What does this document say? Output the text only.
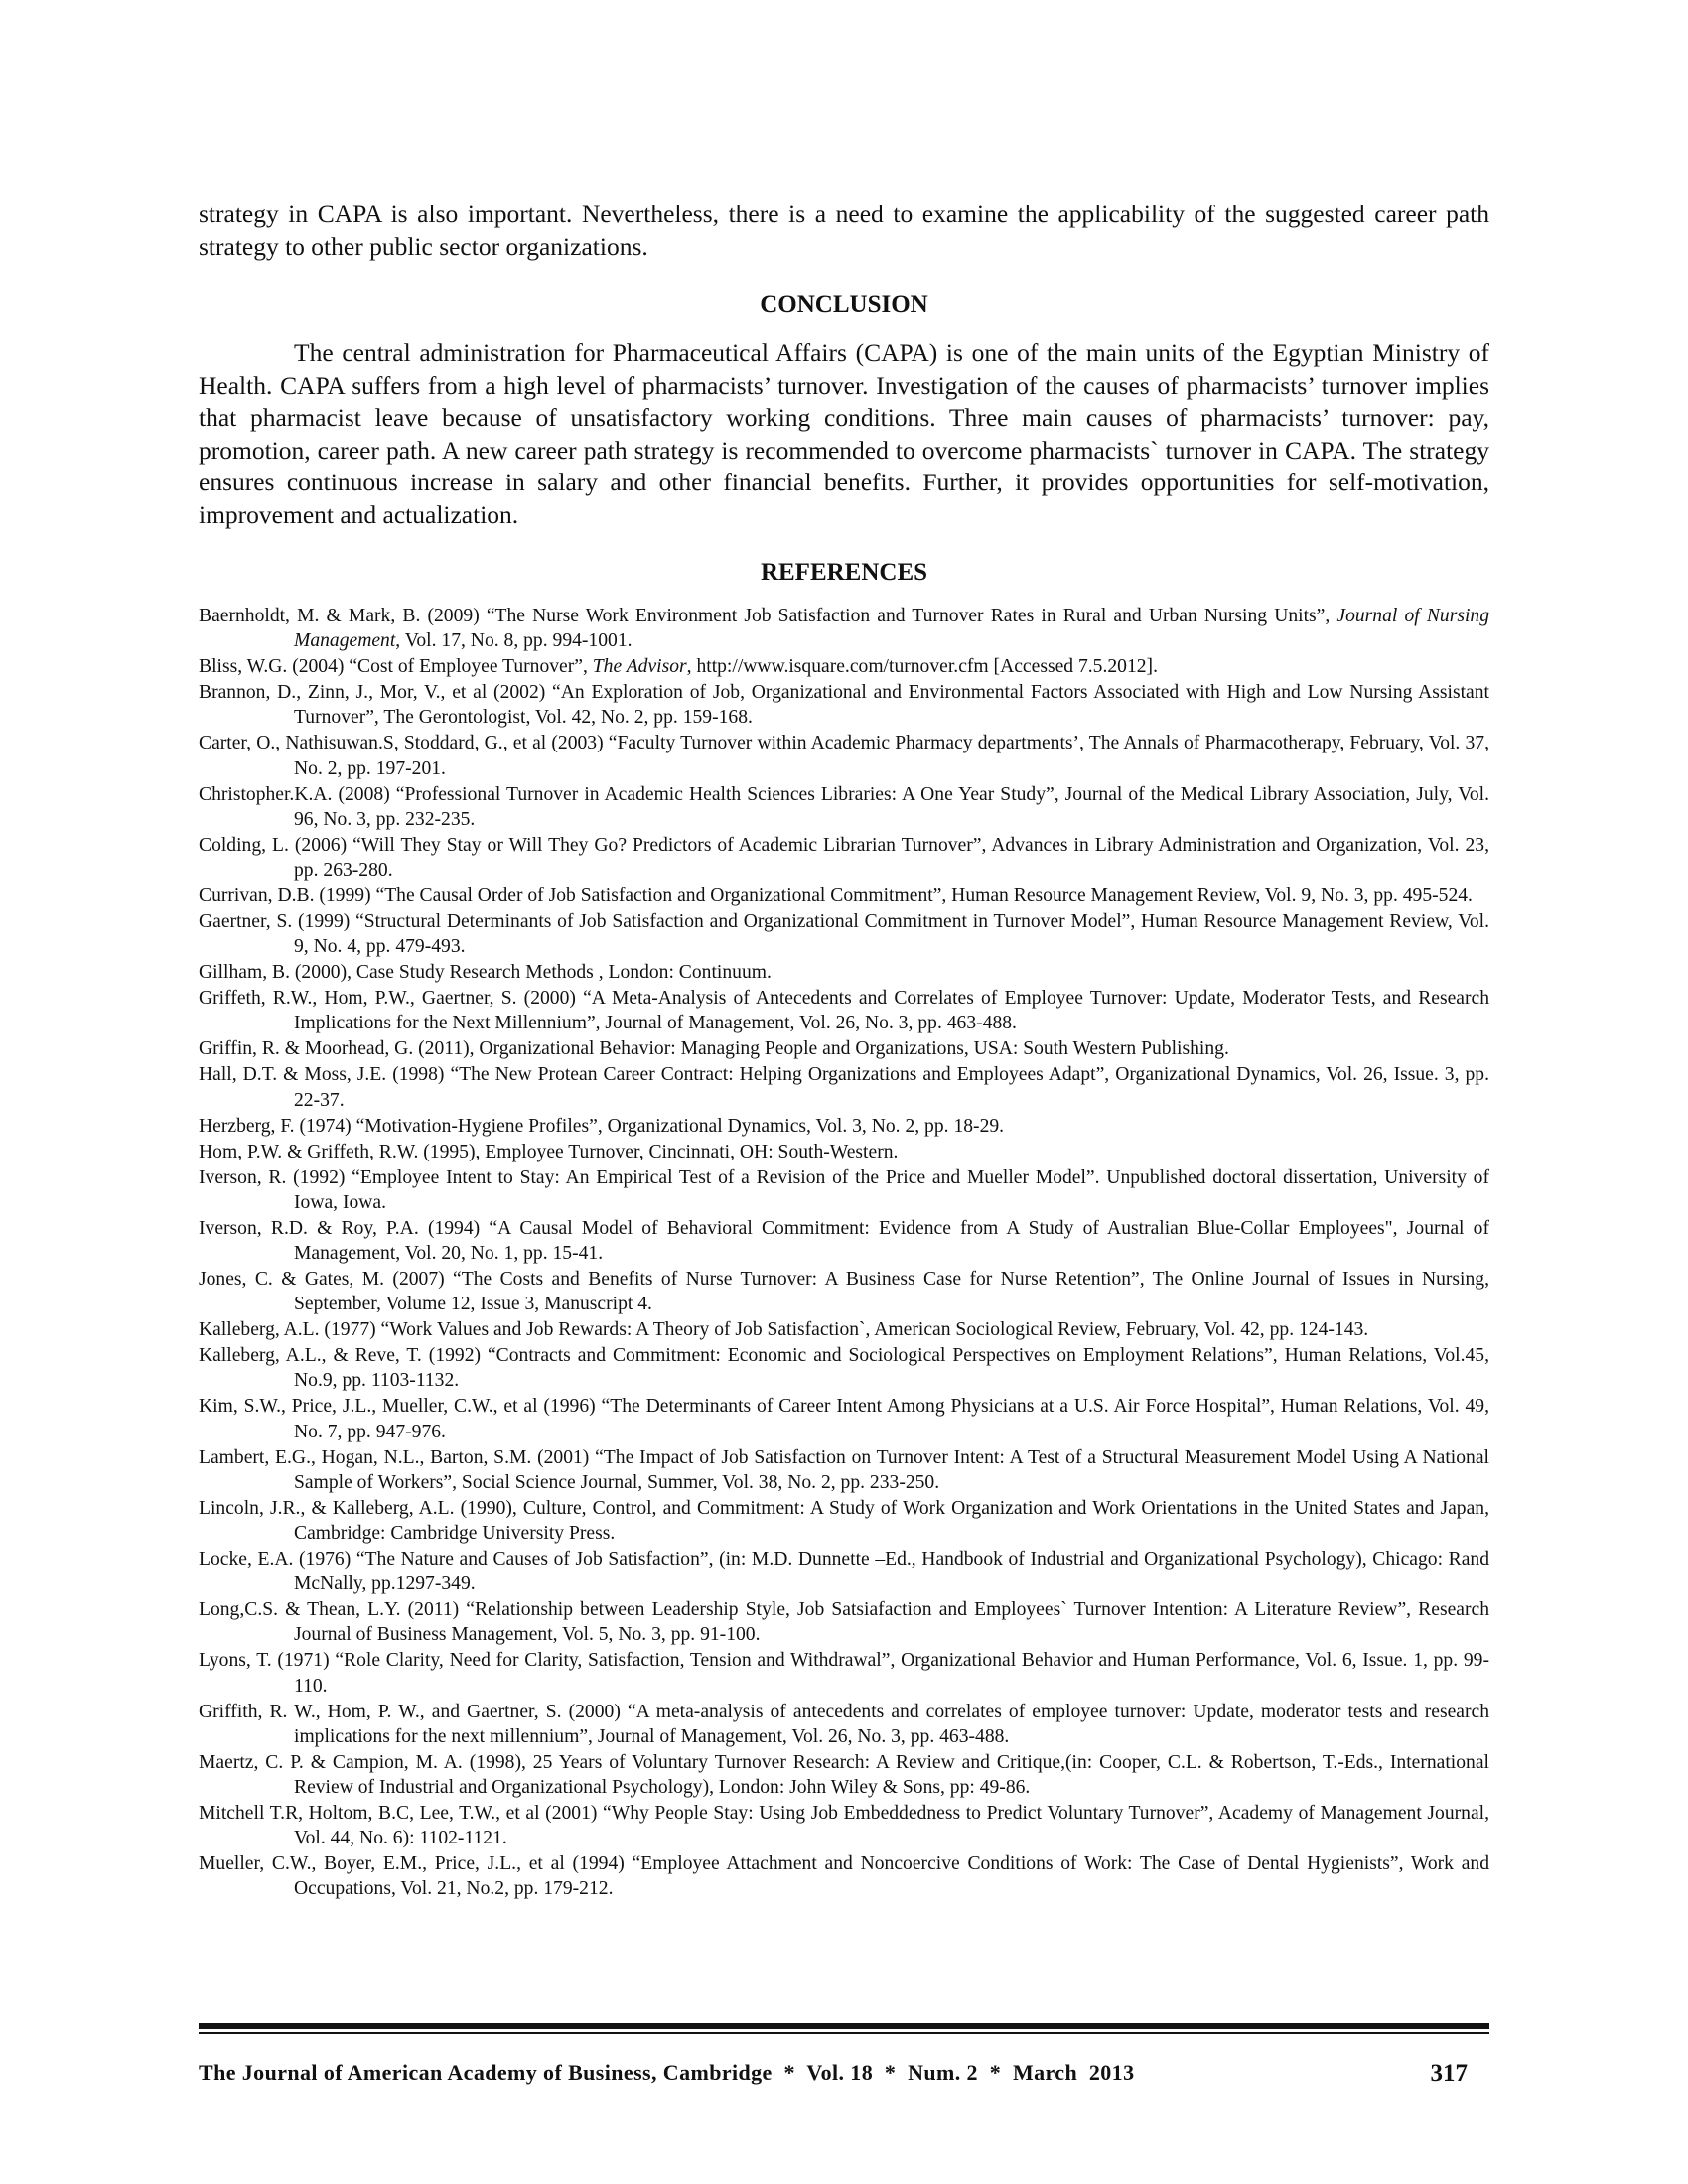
strategy in CAPA is also important. Nevertheless, there is a need to examine the applicability of the suggested career path strategy to other public sector organizations.

CONCLUSION

The central administration for Pharmaceutical Affairs (CAPA) is one of the main units of the Egyptian Ministry of Health. CAPA suffers from a high level of pharmacists’ turnover. Investigation of the causes of pharmacists’ turnover implies that pharmacist leave because of unsatisfactory working conditions. Three main causes of pharmacists’ turnover: pay, promotion, career path. A new career path strategy is recommended to overcome pharmacists` turnover in CAPA. The strategy ensures continuous increase in salary and other financial benefits. Further, it provides opportunities for self-motivation, improvement and actualization.

REFERENCES
Baernholdt, M. & Mark, B. (2009) “The Nurse Work Environment Job Satisfaction and Turnover Rates in Rural and Urban Nursing Units”, Journal of Nursing Management, Vol. 17, No. 8, pp. 994-1001.
Bliss, W.G. (2004) “Cost of Employee Turnover”, The Advisor, http://www.isquare.com/turnover.cfm [Accessed 7.5.2012].
Brannon, D., Zinn, J., Mor, V., et al (2002) “An Exploration of Job, Organizational and Environmental Factors Associated with High and Low Nursing Assistant Turnover”, The Gerontologist, Vol. 42, No. 2, pp. 159-168.
Carter, O., Nathisuwan.S, Stoddard, G., et al (2003) “Faculty Turnover within Academic Pharmacy departments’, The Annals of Pharmacotherapy, February, Vol. 37, No. 2, pp. 197-201.
Christopher.K.A. (2008) “Professional Turnover in Academic Health Sciences Libraries: A One Year Study”, Journal of the Medical Library Association, July, Vol. 96, No. 3, pp. 232-235.
Colding, L. (2006) “Will They Stay or Will They Go? Predictors of Academic Librarian Turnover”, Advances in Library Administration and Organization, Vol. 23, pp. 263-280.
Currivan, D.B. (1999) “The Causal Order of Job Satisfaction and Organizational Commitment”, Human Resource Management Review, Vol. 9, No. 3, pp. 495-524.
Gaertner, S. (1999) “Structural Determinants of Job Satisfaction and Organizational Commitment in Turnover Model”, Human Resource Management Review, Vol. 9, No. 4, pp. 479-493.
Gillham, B. (2000), Case Study Research Methods , London: Continuum.
Griffeth, R.W., Hom, P.W., Gaertner, S. (2000) “A Meta-Analysis of Antecedents and Correlates of Employee Turnover: Update, Moderator Tests, and Research Implications for the Next Millennium”, Journal of Management, Vol. 26, No. 3, pp. 463-488.
Griffin, R. & Moorhead, G. (2011), Organizational Behavior: Managing People and Organizations, USA: South Western Publishing.
Hall, D.T. & Moss, J.E. (1998) “The New Protean Career Contract: Helping Organizations and Employees Adapt”, Organizational Dynamics, Vol. 26, Issue. 3, pp. 22-37.
Herzberg, F. (1974) “Motivation-Hygiene Profiles”, Organizational Dynamics, Vol. 3, No. 2, pp. 18-29.
Hom, P.W. & Griffeth, R.W. (1995), Employee Turnover, Cincinnati, OH: South-Western.
Iverson, R. (1992) “Employee Intent to Stay: An Empirical Test of a Revision of the Price and Mueller Model”. Unpublished doctoral dissertation, University of Iowa, Iowa.
Iverson, R.D. & Roy, P.A. (1994) “A Causal Model of Behavioral Commitment: Evidence from A Study of Australian Blue-Collar Employees", Journal of Management, Vol. 20, No. 1, pp. 15-41.
Jones, C. & Gates, M. (2007) “The Costs and Benefits of Nurse Turnover: A Business Case for Nurse Retention”, The Online Journal of Issues in Nursing, September, Volume 12, Issue 3, Manuscript 4.
Kalleberg, A.L. (1977) “Work Values and Job Rewards: A Theory of Job Satisfaction`, American Sociological Review, February, Vol. 42, pp. 124-143.
Kalleberg, A.L., & Reve, T. (1992) “Contracts and Commitment: Economic and Sociological Perspectives on Employment Relations”, Human Relations, Vol.45, No.9, pp. 1103-1132.
Kim, S.W., Price, J.L., Mueller, C.W., et al (1996) “The Determinants of Career Intent Among Physicians at a U.S. Air Force Hospital”, Human Relations, Vol. 49, No. 7, pp. 947-976.
Lambert, E.G., Hogan, N.L., Barton, S.M. (2001) “The Impact of Job Satisfaction on Turnover Intent: A Test of a Structural Measurement Model Using A National Sample of Workers”, Social Science Journal, Summer, Vol. 38, No. 2, pp. 233-250.
Lincoln, J.R., & Kalleberg, A.L. (1990), Culture, Control, and Commitment: A Study of Work Organization and Work Orientations in the United States and Japan, Cambridge: Cambridge University Press.
Locke, E.A. (1976) “The Nature and Causes of Job Satisfaction”, (in: M.D. Dunnette –Ed., Handbook of Industrial and Organizational Psychology), Chicago: Rand McNally, pp.1297-349.
Long,C.S. & Thean, L.Y. (2011) “Relationship between Leadership Style, Job Satsiafaction and Employees` Turnover Intention: A Literature Review”, Research Journal of Business Management, Vol. 5, No. 3, pp. 91-100.
Lyons, T. (1971) “Role Clarity, Need for Clarity, Satisfaction, Tension and Withdrawal”, Organizational Behavior and Human Performance, Vol. 6, Issue. 1, pp. 99-110.
Griffith, R. W., Hom, P. W., and Gaertner, S. (2000) “A meta-analysis of antecedents and correlates of employee turnover: Update, moderator tests and research implications for the next millennium”, Journal of Management, Vol. 26, No. 3, pp. 463-488.
Maertz, C. P. & Campion, M. A. (1998), 25 Years of Voluntary Turnover Research: A Review and Critique,(in: Cooper, C.L. & Robertson, T.-Eds., International Review of Industrial and Organizational Psychology), London: John Wiley & Sons, pp: 49-86.
Mitchell T.R, Holtom, B.C, Lee, T.W., et al (2001) “Why People Stay: Using Job Embeddedness to Predict Voluntary Turnover”, Academy of Management Journal, Vol. 44, No. 6): 1102-1121.
Mueller, C.W., Boyer, E.M., Price, J.L., et al (1994) “Employee Attachment and Noncoercive Conditions of Work: The Case of Dental Hygienists”, Work and Occupations, Vol. 21, No.2, pp. 179-212.
The Journal of American Academy of Business, Cambridge  *  Vol. 18  *  Num. 2  *  March  2013	317
